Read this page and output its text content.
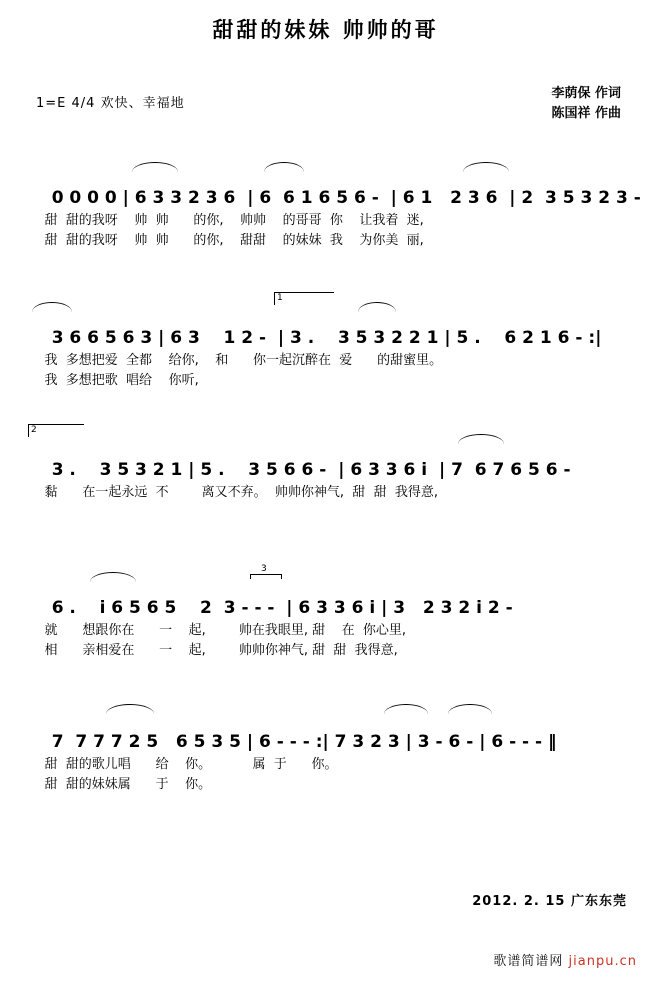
甜甜的妹妹 帅帅的哥
1=E 4/4 欢快、幸福地
李荫保 作词
陈国祥 作曲

0 0 0 0 | 6 3 3 2 3 6  | 6  6 1 6 5 6 -  | 6 1   2 3 6  | 2  3 5 3 2 3 -

甜  甜的我呀    帅  帅      的你,    帅帅    的哥哥  你    让我着  迷,

甜  甜的我呀    帅  帅      的你,    甜甜    的妹妹  我    为你美  丽,

1

3 6 6 5 6 3 | 6 3    1 2 -  | 3 .    3 5 3 2 2 1 | 5 .    6 2 1 6 - :|

我  多想把爱  全都    给你,    和      你一起沉醉在  爱      的甜蜜里。

我  多想把歌  唱给    你听,

2

3 .    3 5 3 2 1 | 5 .    3 5 6 6 -  | 6 3 3 6 i  | 7  6 7 6 5 6 -

黏      在一起永远  不        离又不弃。  帅帅你神气,  甜  甜  我得意,

3

6 .    i 6 5 6 5    2  3 - - -  | 6 3 3 6 i | 3   2 3 2 i 2 -

就      想跟你在      一    起,        帅在我眼里, 甜    在  你心里,

相      亲相爱在      一    起,        帅帅你神气, 甜  甜  我得意,

7  7 7 7 2 5   6 5 3 5 | 6 - - - :| 7 3 2 3 | 3 - 6 - | 6 - - - ‖

甜  甜的歌儿唱      给    你。          属  于      你。

甜  甜的妹妹属      于    你。

2012. 2. 15 广东东莞
歌谱简谱网 jianpu.cn
